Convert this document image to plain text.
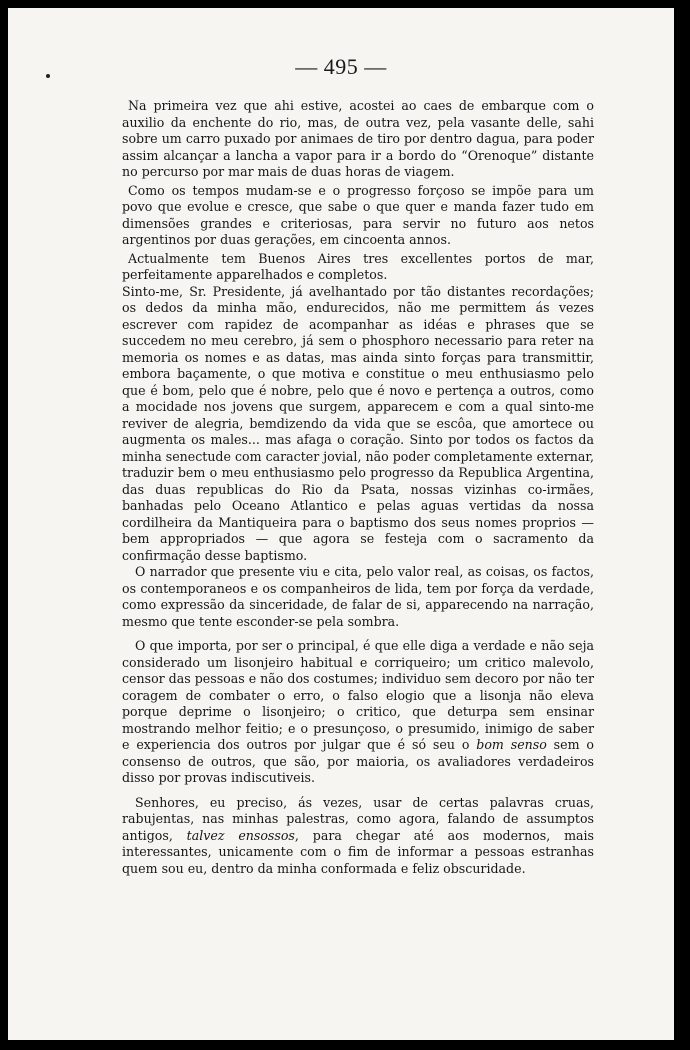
— 495 —

Na primeira vez que ahi estive, acostei ao caes de embarque com o auxilio da enchente do rio, mas, de outra vez, pela vasante delle, sahi sobre um carro puxado por animaes de tiro por dentro dagua, para poder assim alcançar a lancha a vapor para ir a bordo do “Orenoque” distante no percurso por mar mais de duas horas de viagem.

Como os tempos mudam-se e o progresso forçoso se impõe para um povo que evolue e cresce, que sabe o que quer e manda fazer tudo em dimensões grandes e criteriosas, para servir no futuro aos netos argentinos por duas gerações, em cincoenta annos.

Actualmente tem Buenos Aires tres excellentes portos de mar, perfeitamente apparelhados e completos.

Sinto-me, Sr. Presidente, já avelhantado por tão distantes recordações; os dedos da minha mão, endurecidos, não me permittem ás vezes escrever com rapidez de acompanhar as idéas e phrases que se succedem no meu cerebro, já sem o phosphoro necessario para reter na memoria os nomes e as datas, mas ainda sinto forças para transmittir, embora baçamente, o que motiva e constitue o meu enthusiasmo pelo que é bom, pelo que é nobre, pelo que é novo e pertença a outros, como a mocidade nos jovens que surgem, apparecem e com a qual sinto-me reviver de alegria, bemdizendo da vida que se escôa, que amortece ou augmenta os males... mas afaga o coração. Sinto por todos os factos da minha senectude com caracter jovial, não poder completamente externar, traduzir bem o meu enthusiasmo pelo progresso da Republica Argentina, das duas republicas do Rio da Psata, nossas vizinhas co-irmães, banhadas pelo Oceano Atlantico e pelas aguas vertidas da nossa cordilheira da Mantiqueira para o baptismo dos seus nomes proprios — bem appropriados — que agora se festeja com o sacramento da confirmação desse baptismo.

O narrador que presente viu e cita, pelo valor real, as coisas, os factos, os contemporaneos e os companheiros de lida, tem por força da verdade, como expressão da sinceridade, de falar de si, apparecendo na narração, mesmo que tente esconder-se pela sombra.

O que importa, por ser o principal, é que elle diga a verdade e não seja considerado um lisonjeiro habitual e corriqueiro; um critico malevolo, censor das pessoas e não dos costumes; individuo sem decoro por não ter coragem de combater o erro, o falso elogio que a lisonja não eleva porque deprime o lisonjeiro; o critico, que deturpa sem ensinar mostrando melhor feitio; e o presunçoso, o presumido, inimigo de saber e experiencia dos outros por julgar que é só seu o bom senso sem o consenso de outros, que são, por maioria, os avaliadores verdadeiros disso por provas indiscutiveis.

Senhores, eu preciso, ás vezes, usar de certas palavras cruas, rabujentas, nas minhas palestras, como agora, falando de assumptos antigos, talvez ensossos, para chegar até aos modernos, mais interessantes, unicamente com o fim de informar a pessoas estranhas quem sou eu, dentro da minha conformada e feliz obscuridade.
